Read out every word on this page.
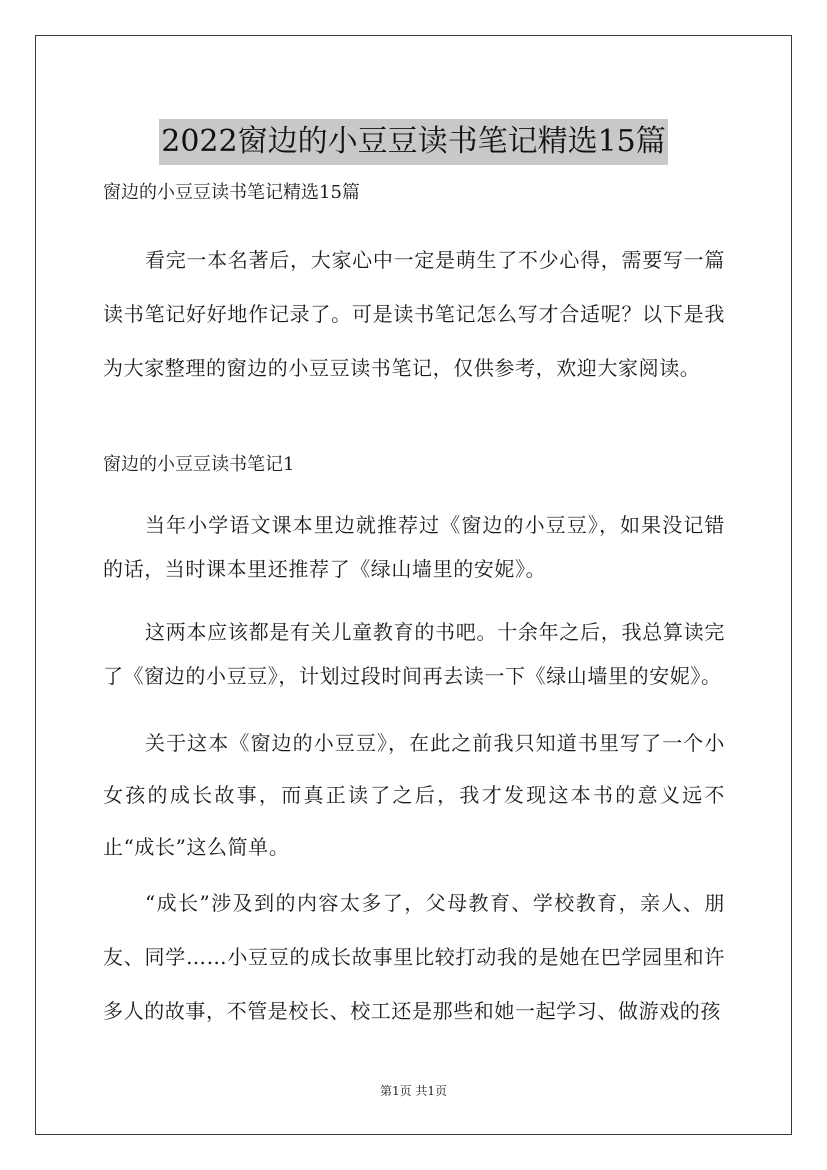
2022窗边的小豆豆读书笔记精选15篇
窗边的小豆豆读书笔记精选15篇

看完一本名著后，大家心中一定是萌生了不少心得，需要写一篇读书笔记好好地作记录了。可是读书笔记怎么写才合适呢？以下是我为大家整理的窗边的小豆豆读书笔记，仅供参考，欢迎大家阅读。

窗边的小豆豆读书笔记1

当年小学语文课本里边就推荐过《窗边的小豆豆》，如果没记错的话，当时课本里还推荐了《绿山墙里的安妮》。

这两本应该都是有关儿童教育的书吧。十余年之后，我总算读完了《窗边的小豆豆》，计划过段时间再去读一下《绿山墙里的安妮》。

关于这本《窗边的小豆豆》，在此之前我只知道书里写了一个小女孩的成长故事，而真正读了之后，我才发现这本书的意义远不止“成长”这么简单。

“成长”涉及到的内容太多了，父母教育、学校教育，亲人、朋友、同学……小豆豆的成长故事里比较打动我的是她在巴学园里和许多人的故事，不管是校长、校工还是那些和她一起学习、做游戏的孩

第1页 共1页
